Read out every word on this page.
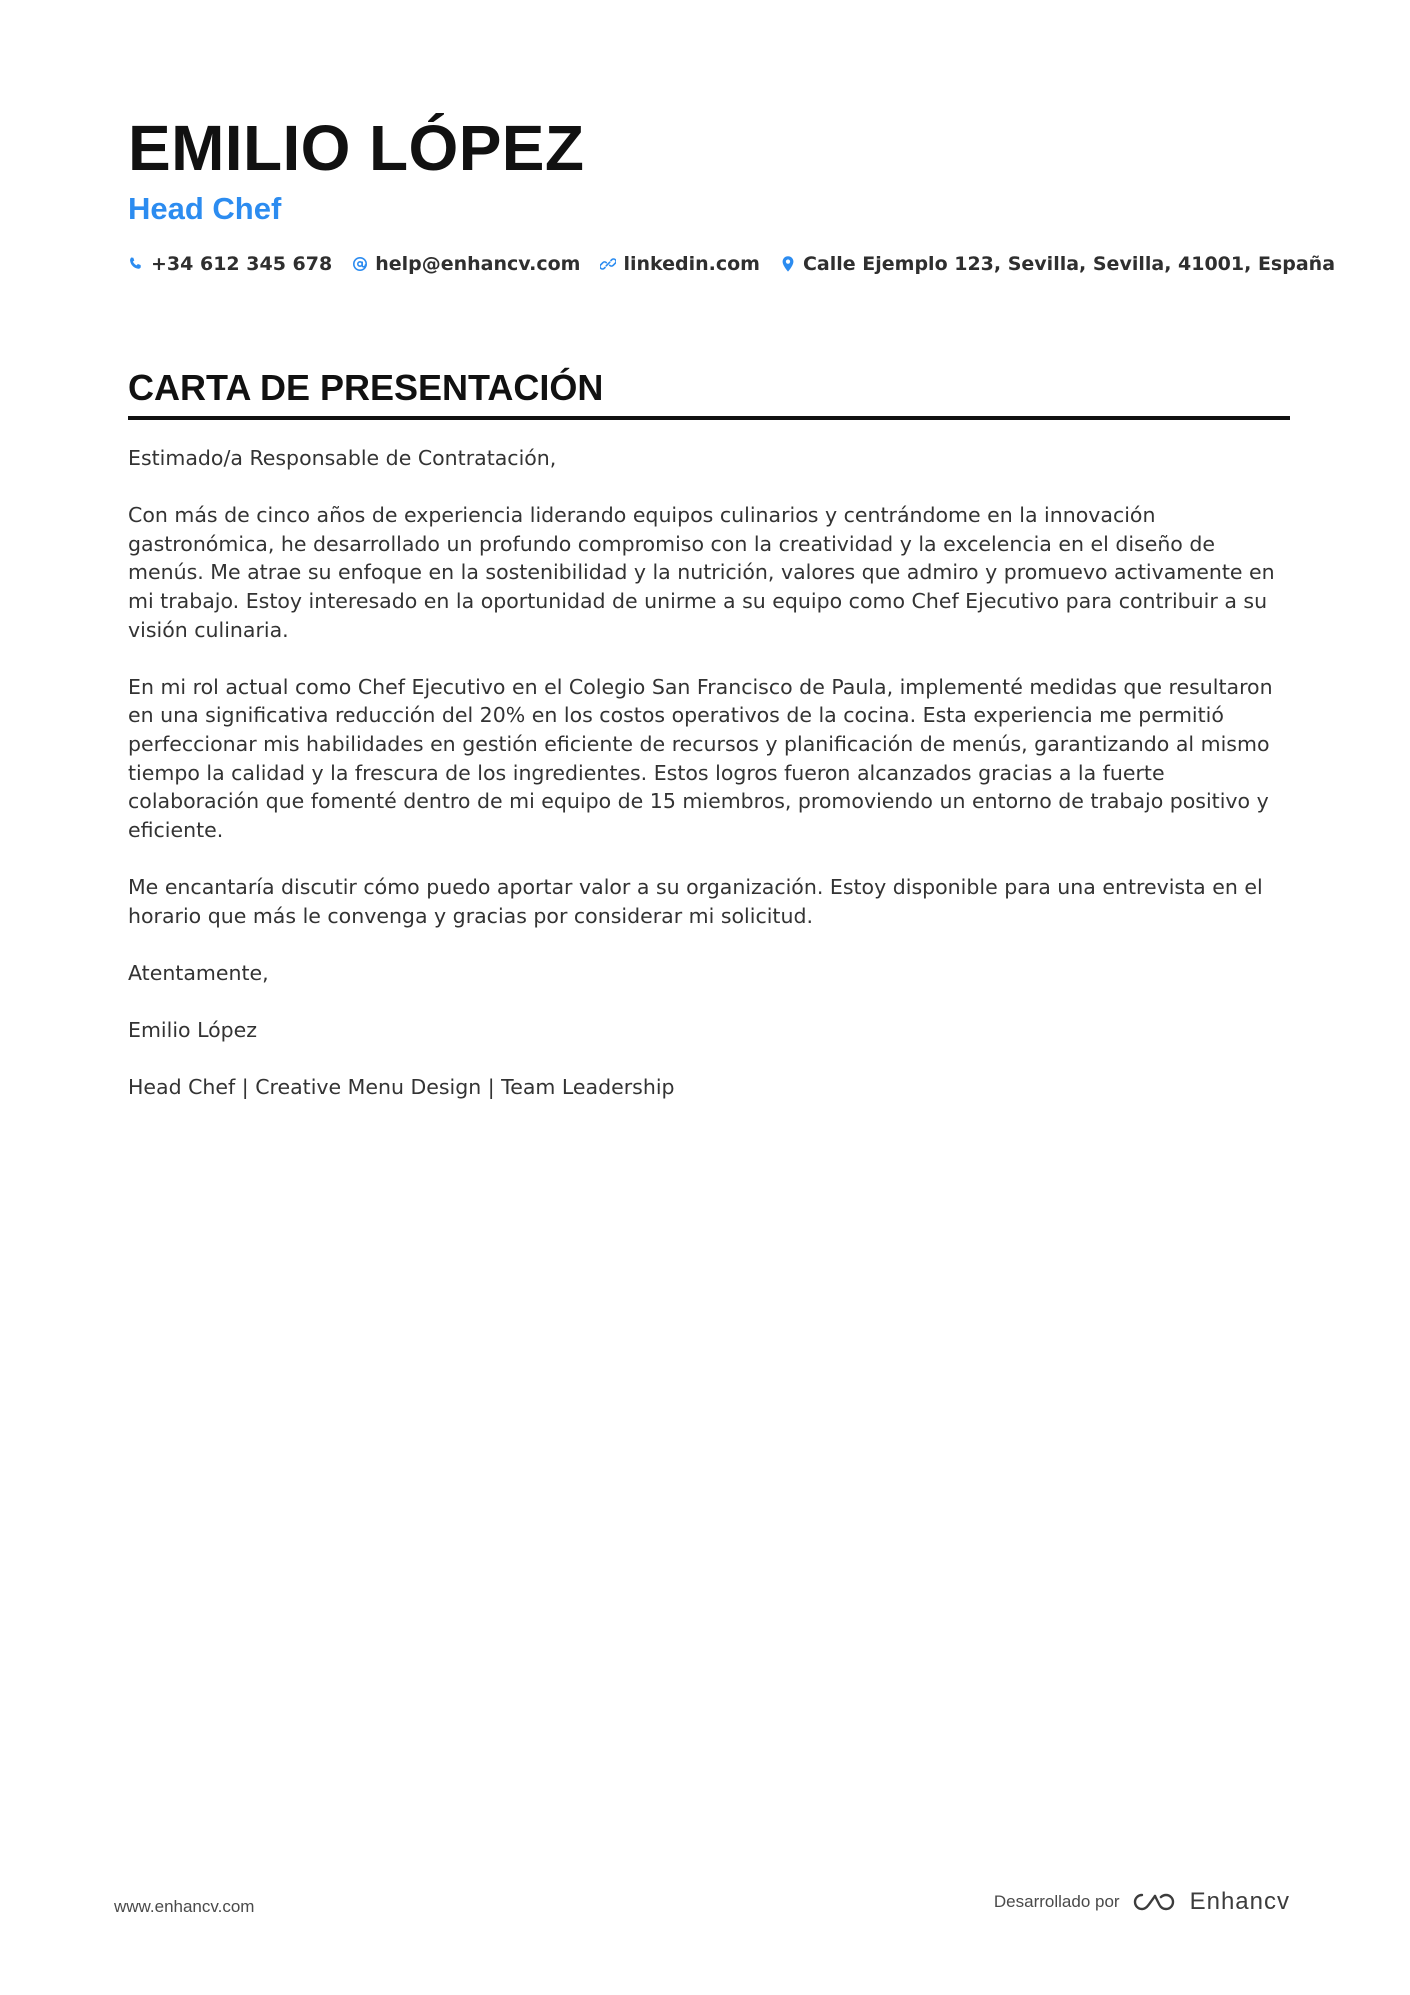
EMILIO LÓPEZ
Head Chef
+34 612 345 678 help@enhancv.com linkedin.com Calle Ejemplo 123, Sevilla, Sevilla, 41001, España
CARTA DE PRESENTACIÓN

Estimado/a Responsable de Contratación,

Con más de cinco años de experiencia liderando equipos culinarios y centrándome en la innovación gastronómica, he desarrollado un profundo compromiso con la creatividad y la excelencia en el diseño de menús. Me atrae su enfoque en la sostenibilidad y la nutrición, valores que admiro y promuevo activamente en mi trabajo. Estoy interesado en la oportunidad de unirme a su equipo como Chef Ejecutivo para contribuir a su visión culinaria.

En mi rol actual como Chef Ejecutivo en el Colegio San Francisco de Paula, implementé medidas que resultaron en una significativa reducción del 20% en los costos operativos de la cocina. Esta experiencia me permitió perfeccionar mis habilidades en gestión eficiente de recursos y planificación de menús, garantizando al mismo tiempo la calidad y la frescura de los ingredientes. Estos logros fueron alcanzados gracias a la fuerte colaboración que fomenté dentro de mi equipo de 15 miembros, promoviendo un entorno de trabajo positivo y eficiente.

Me encantaría discutir cómo puedo aportar valor a su organización. Estoy disponible para una entrevista en el horario que más le convenga y gracias por considerar mi solicitud.

Atentamente,

Emilio López

Head Chef | Creative Menu Design | Team Leadership

www.enhancv.com	Desarrollado por	Enhancv
